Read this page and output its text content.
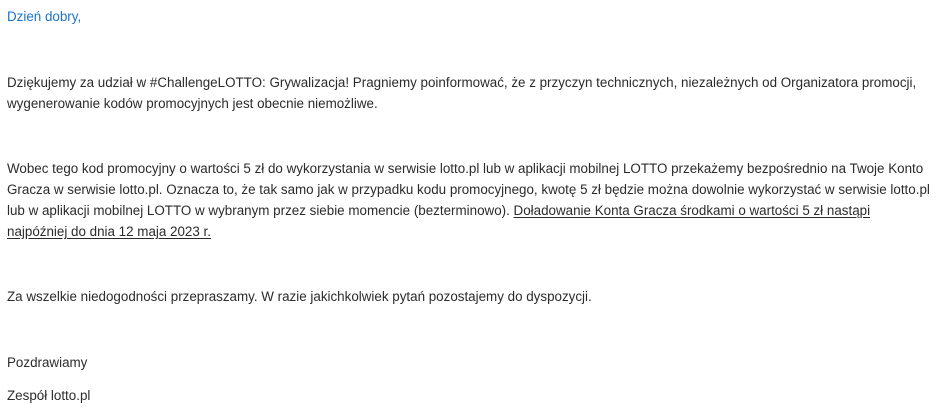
Dzień dobry,

Dziękujemy za udział w #ChallengeLOTTO: Grywalizacja! Pragniemy poinformować, że z przyczyn technicznych, niezależnych od Organizatora promocji, wygenerowanie kodów promocyjnych jest obecnie niemożliwe.

Wobec tego kod promocyjny o wartości 5 zł do wykorzystania w serwisie lotto.pl lub w aplikacji mobilnej LOTTO przekażemy bezpośrednio na Twoje Konto Gracza w serwisie lotto.pl. Oznacza to, że tak samo jak w przypadku kodu promocyjnego, kwotę 5 zł będzie można dowolnie wykorzystać w serwisie lotto.pl lub w aplikacji mobilnej LOTTO w wybranym przez siebie momencie (bezterminowo). Doładowanie Konta Gracza środkami o wartości 5 zł nastąpi najpóźniej do dnia 12 maja 2023 r.

Za wszelkie niedogodności przepraszamy. W razie jakichkolwiek pytań pozostajemy do dyspozycji.

Pozdrawiamy

Zespół lotto.pl
